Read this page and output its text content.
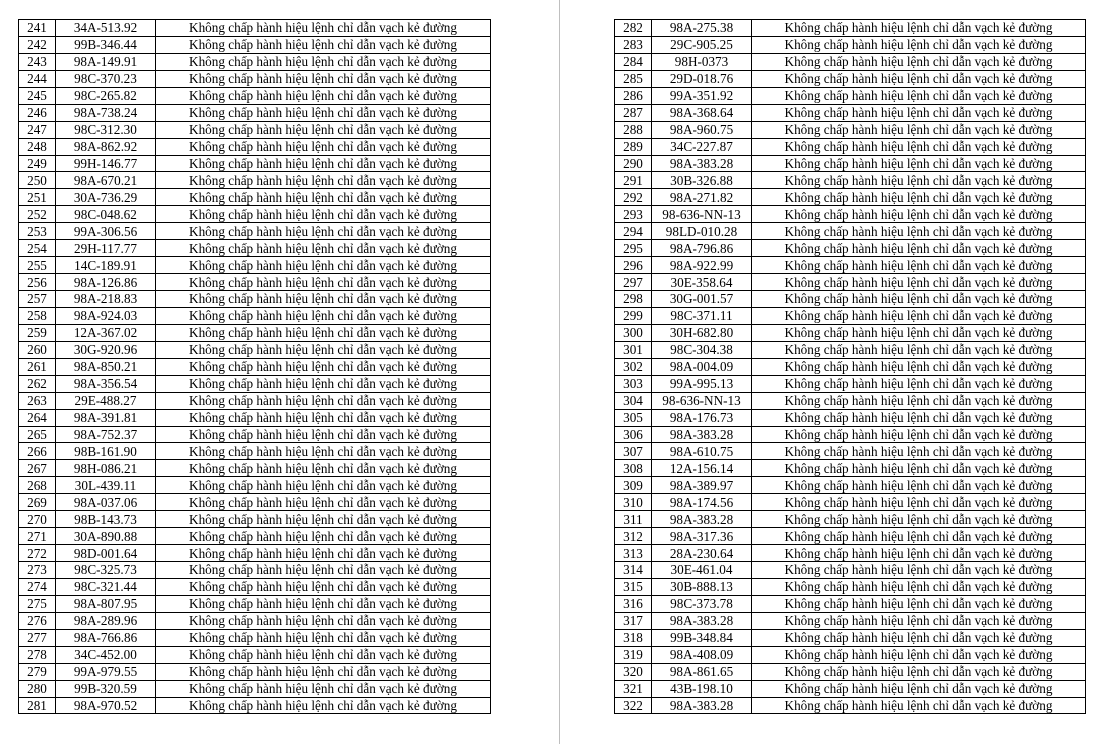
241	34A-513.92	Không chấp hành hiệu lệnh chỉ dẫn vạch kẻ đường
242	99B-346.44	Không chấp hành hiệu lệnh chỉ dẫn vạch kẻ đường
243	98A-149.91	Không chấp hành hiệu lệnh chỉ dẫn vạch kẻ đường
244	98C-370.23	Không chấp hành hiệu lệnh chỉ dẫn vạch kẻ đường
245	98C-265.82	Không chấp hành hiệu lệnh chỉ dẫn vạch kẻ đường
246	98A-738.24	Không chấp hành hiệu lệnh chỉ dẫn vạch kẻ đường
247	98C-312.30	Không chấp hành hiệu lệnh chỉ dẫn vạch kẻ đường
248	98A-862.92	Không chấp hành hiệu lệnh chỉ dẫn vạch kẻ đường
249	99H-146.77	Không chấp hành hiệu lệnh chỉ dẫn vạch kẻ đường
250	98A-670.21	Không chấp hành hiệu lệnh chỉ dẫn vạch kẻ đường
251	30A-736.29	Không chấp hành hiệu lệnh chỉ dẫn vạch kẻ đường
252	98C-048.62	Không chấp hành hiệu lệnh chỉ dẫn vạch kẻ đường
253	99A-306.56	Không chấp hành hiệu lệnh chỉ dẫn vạch kẻ đường
254	29H-117.77	Không chấp hành hiệu lệnh chỉ dẫn vạch kẻ đường
255	14C-189.91	Không chấp hành hiệu lệnh chỉ dẫn vạch kẻ đường
256	98A-126.86	Không chấp hành hiệu lệnh chỉ dẫn vạch kẻ đường
257	98A-218.83	Không chấp hành hiệu lệnh chỉ dẫn vạch kẻ đường
258	98A-924.03	Không chấp hành hiệu lệnh chỉ dẫn vạch kẻ đường
259	12A-367.02	Không chấp hành hiệu lệnh chỉ dẫn vạch kẻ đường
260	30G-920.96	Không chấp hành hiệu lệnh chỉ dẫn vạch kẻ đường
261	98A-850.21	Không chấp hành hiệu lệnh chỉ dẫn vạch kẻ đường
262	98A-356.54	Không chấp hành hiệu lệnh chỉ dẫn vạch kẻ đường
263	29E-488.27	Không chấp hành hiệu lệnh chỉ dẫn vạch kẻ đường
264	98A-391.81	Không chấp hành hiệu lệnh chỉ dẫn vạch kẻ đường
265	98A-752.37	Không chấp hành hiệu lệnh chỉ dẫn vạch kẻ đường
266	98B-161.90	Không chấp hành hiệu lệnh chỉ dẫn vạch kẻ đường
267	98H-086.21	Không chấp hành hiệu lệnh chỉ dẫn vạch kẻ đường
268	30L-439.11	Không chấp hành hiệu lệnh chỉ dẫn vạch kẻ đường
269	98A-037.06	Không chấp hành hiệu lệnh chỉ dẫn vạch kẻ đường
270	98B-143.73	Không chấp hành hiệu lệnh chỉ dẫn vạch kẻ đường
271	30A-890.88	Không chấp hành hiệu lệnh chỉ dẫn vạch kẻ đường
272	98D-001.64	Không chấp hành hiệu lệnh chỉ dẫn vạch kẻ đường
273	98C-325.73	Không chấp hành hiệu lệnh chỉ dẫn vạch kẻ đường
274	98C-321.44	Không chấp hành hiệu lệnh chỉ dẫn vạch kẻ đường
275	98A-807.95	Không chấp hành hiệu lệnh chỉ dẫn vạch kẻ đường
276	98A-289.96	Không chấp hành hiệu lệnh chỉ dẫn vạch kẻ đường
277	98A-766.86	Không chấp hành hiệu lệnh chỉ dẫn vạch kẻ đường
278	34C-452.00	Không chấp hành hiệu lệnh chỉ dẫn vạch kẻ đường
279	99A-979.55	Không chấp hành hiệu lệnh chỉ dẫn vạch kẻ đường
280	99B-320.59	Không chấp hành hiệu lệnh chỉ dẫn vạch kẻ đường
281	98A-970.52	Không chấp hành hiệu lệnh chỉ dẫn vạch kẻ đường
282	98A-275.38	Không chấp hành hiệu lệnh chỉ dẫn vạch kẻ đường
283	29C-905.25	Không chấp hành hiệu lệnh chỉ dẫn vạch kẻ đường
284	98H-0373	Không chấp hành hiệu lệnh chỉ dẫn vạch kẻ đường
285	29D-018.76	Không chấp hành hiệu lệnh chỉ dẫn vạch kẻ đường
286	99A-351.92	Không chấp hành hiệu lệnh chỉ dẫn vạch kẻ đường
287	98A-368.64	Không chấp hành hiệu lệnh chỉ dẫn vạch kẻ đường
288	98A-960.75	Không chấp hành hiệu lệnh chỉ dẫn vạch kẻ đường
289	34C-227.87	Không chấp hành hiệu lệnh chỉ dẫn vạch kẻ đường
290	98A-383.28	Không chấp hành hiệu lệnh chỉ dẫn vạch kẻ đường
291	30B-326.88	Không chấp hành hiệu lệnh chỉ dẫn vạch kẻ đường
292	98A-271.82	Không chấp hành hiệu lệnh chỉ dẫn vạch kẻ đường
293	98-636-NN-13	Không chấp hành hiệu lệnh chỉ dẫn vạch kẻ đường
294	98LD-010.28	Không chấp hành hiệu lệnh chỉ dẫn vạch kẻ đường
295	98A-796.86	Không chấp hành hiệu lệnh chỉ dẫn vạch kẻ đường
296	98A-922.99	Không chấp hành hiệu lệnh chỉ dẫn vạch kẻ đường
297	30E-358.64	Không chấp hành hiệu lệnh chỉ dẫn vạch kẻ đường
298	30G-001.57	Không chấp hành hiệu lệnh chỉ dẫn vạch kẻ đường
299	98C-371.11	Không chấp hành hiệu lệnh chỉ dẫn vạch kẻ đường
300	30H-682.80	Không chấp hành hiệu lệnh chỉ dẫn vạch kẻ đường
301	98C-304.38	Không chấp hành hiệu lệnh chỉ dẫn vạch kẻ đường
302	98A-004.09	Không chấp hành hiệu lệnh chỉ dẫn vạch kẻ đường
303	99A-995.13	Không chấp hành hiệu lệnh chỉ dẫn vạch kẻ đường
304	98-636-NN-13	Không chấp hành hiệu lệnh chỉ dẫn vạch kẻ đường
305	98A-176.73	Không chấp hành hiệu lệnh chỉ dẫn vạch kẻ đường
306	98A-383.28	Không chấp hành hiệu lệnh chỉ dẫn vạch kẻ đường
307	98A-610.75	Không chấp hành hiệu lệnh chỉ dẫn vạch kẻ đường
308	12A-156.14	Không chấp hành hiệu lệnh chỉ dẫn vạch kẻ đường
309	98A-389.97	Không chấp hành hiệu lệnh chỉ dẫn vạch kẻ đường
310	98A-174.56	Không chấp hành hiệu lệnh chỉ dẫn vạch kẻ đường
311	98A-383.28	Không chấp hành hiệu lệnh chỉ dẫn vạch kẻ đường
312	98A-317.36	Không chấp hành hiệu lệnh chỉ dẫn vạch kẻ đường
313	28A-230.64	Không chấp hành hiệu lệnh chỉ dẫn vạch kẻ đường
314	30E-461.04	Không chấp hành hiệu lệnh chỉ dẫn vạch kẻ đường
315	30B-888.13	Không chấp hành hiệu lệnh chỉ dẫn vạch kẻ đường
316	98C-373.78	Không chấp hành hiệu lệnh chỉ dẫn vạch kẻ đường
317	98A-383.28	Không chấp hành hiệu lệnh chỉ dẫn vạch kẻ đường
318	99B-348.84	Không chấp hành hiệu lệnh chỉ dẫn vạch kẻ đường
319	98A-408.09	Không chấp hành hiệu lệnh chỉ dẫn vạch kẻ đường
320	98A-861.65	Không chấp hành hiệu lệnh chỉ dẫn vạch kẻ đường
321	43B-198.10	Không chấp hành hiệu lệnh chỉ dẫn vạch kẻ đường
322	98A-383.28	Không chấp hành hiệu lệnh chỉ dẫn vạch kẻ đường
